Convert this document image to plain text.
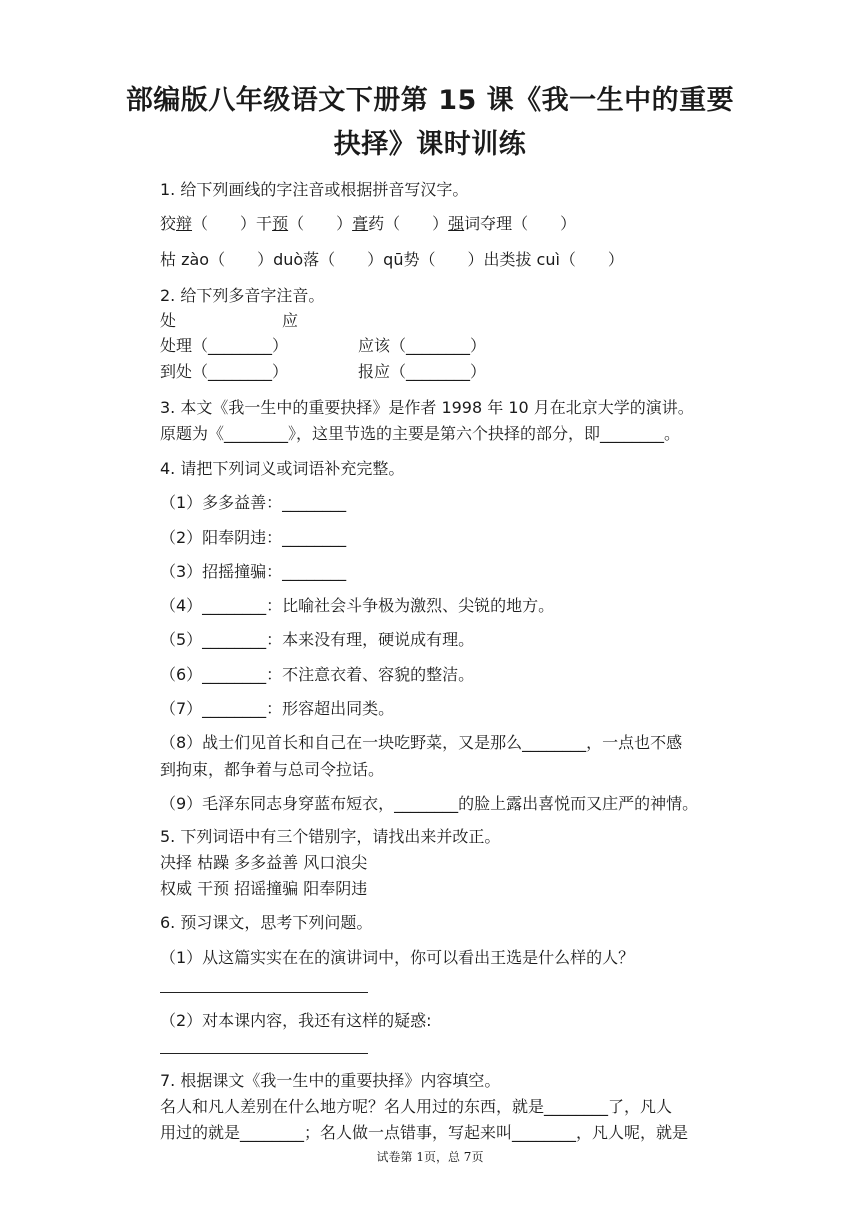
部编版八年级语文下册第 15 课《我一生中的重要
抉择》课时训练
1. 给下列画线的字注音或根据拼音写汉字。
狡辩（　　）干预（　　）膏药（　　）强词夺理（　　）
枯 zào（　　）duò落（　　）qū势（　　）出类拔 cuì（　　）
2. 给下列多音字注音。
处	应
处理（________）	应该（________）
到处（________）	报应（________）
3. 本文《我一生中的重要抉择》是作者 1998 年 10 月在北京大学的演讲。
原题为《________》，这里节选的主要是第六个抉择的部分，即________。
4. 请把下列词义或词语补充完整。
（1）多多益善：________
（2）阳奉阴违：________
（3）招摇撞骗：________
（4）________：比喻社会斗争极为激烈、尖锐的地方。
（5）________：本来没有理，硬说成有理。
（6）________：不注意衣着、容貌的整洁。
（7）________：形容超出同类。
（8）战士们见首长和自己在一块吃野菜，又是那么________，一点也不感
到拘束，都争着与总司令拉话。
（9）毛泽东同志身穿蓝布短衣，________的脸上露出喜悦而又庄严的神情。
5. 下列词语中有三个错别字，请找出来并改正。
决择 枯躁 多多益善 风口浪尖
权威 干预 招谣撞骗 阳奉阴违
6. 预习课文，思考下列问题。
（1）从这篇实实在在的演讲词中，你可以看出王选是什么样的人？
（2）对本课内容，我还有这样的疑惑:
7. 根据课文《我一生中的重要抉择》内容填空。
名人和凡人差别在什么地方呢？名人用过的东西，就是________了，凡人
用过的就是________；名人做一点错事，写起来叫________，凡人呢，就是
试卷第 1页，总 7页
